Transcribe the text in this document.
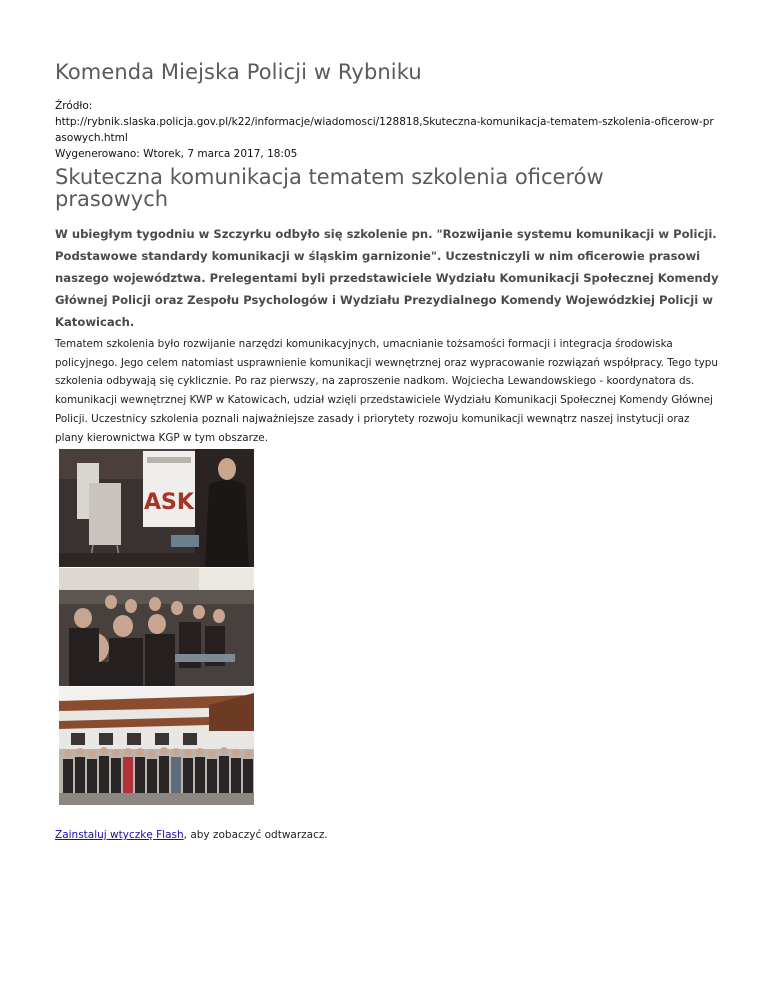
Komenda Miejska Policji w Rybniku
Źródło:
http://rybnik.slaska.policja.gov.pl/k22/informacje/wiadomosci/128818,Skuteczna-komunikacja-tematem-szkolenia-oficerow-prasowych.html
Wygenerowano: Wtorek, 7 marca 2017, 18:05
Skuteczna komunikacja tematem szkolenia oficerów prasowych

W ubiegłym tygodniu w Szczyrku odbyło się szkolenie pn. "Rozwijanie systemu komunikacji w Policji. Podstawowe standardy komunikacji w śląskim garnizonie". Uczestniczyli w nim oficerowie prasowi naszego województwa. Prelegentami byli przedstawiciele Wydziału Komunikacji Społecznej Komendy Głównej Policji oraz Zespołu Psychologów i Wydziału Prezydialnego Komendy Wojewódzkiej Policji w Katowicach.

Tematem szkolenia było rozwijanie narzędzi komunikacyjnych, umacnianie tożsamości formacji i integracja środowiska policyjnego. Jego celem natomiast usprawnienie komunikacji wewnętrznej oraz wypracowanie rozwiązań współpracy. Tego typu szkolenia odbywają się cyklicznie. Po raz pierwszy, na zaproszenie nadkom. Wojciecha Lewandowskiego - koordynatora ds. komunikacji wewnętrznej KWP w Katowicach, udział wzięli przedstawiciele Wydziału Komunikacji Społecznej Komendy Głównej Policji. Uczestnicy szkolenia poznali najważniejsze zasady i priorytety rozwoju komunikacji wewnątrz naszej instytucji oraz plany kierownictwa KGP w tym obszarze.

ASK
Zainstaluj wtyczkę Flash, aby zobaczyć odtwarzacz.
